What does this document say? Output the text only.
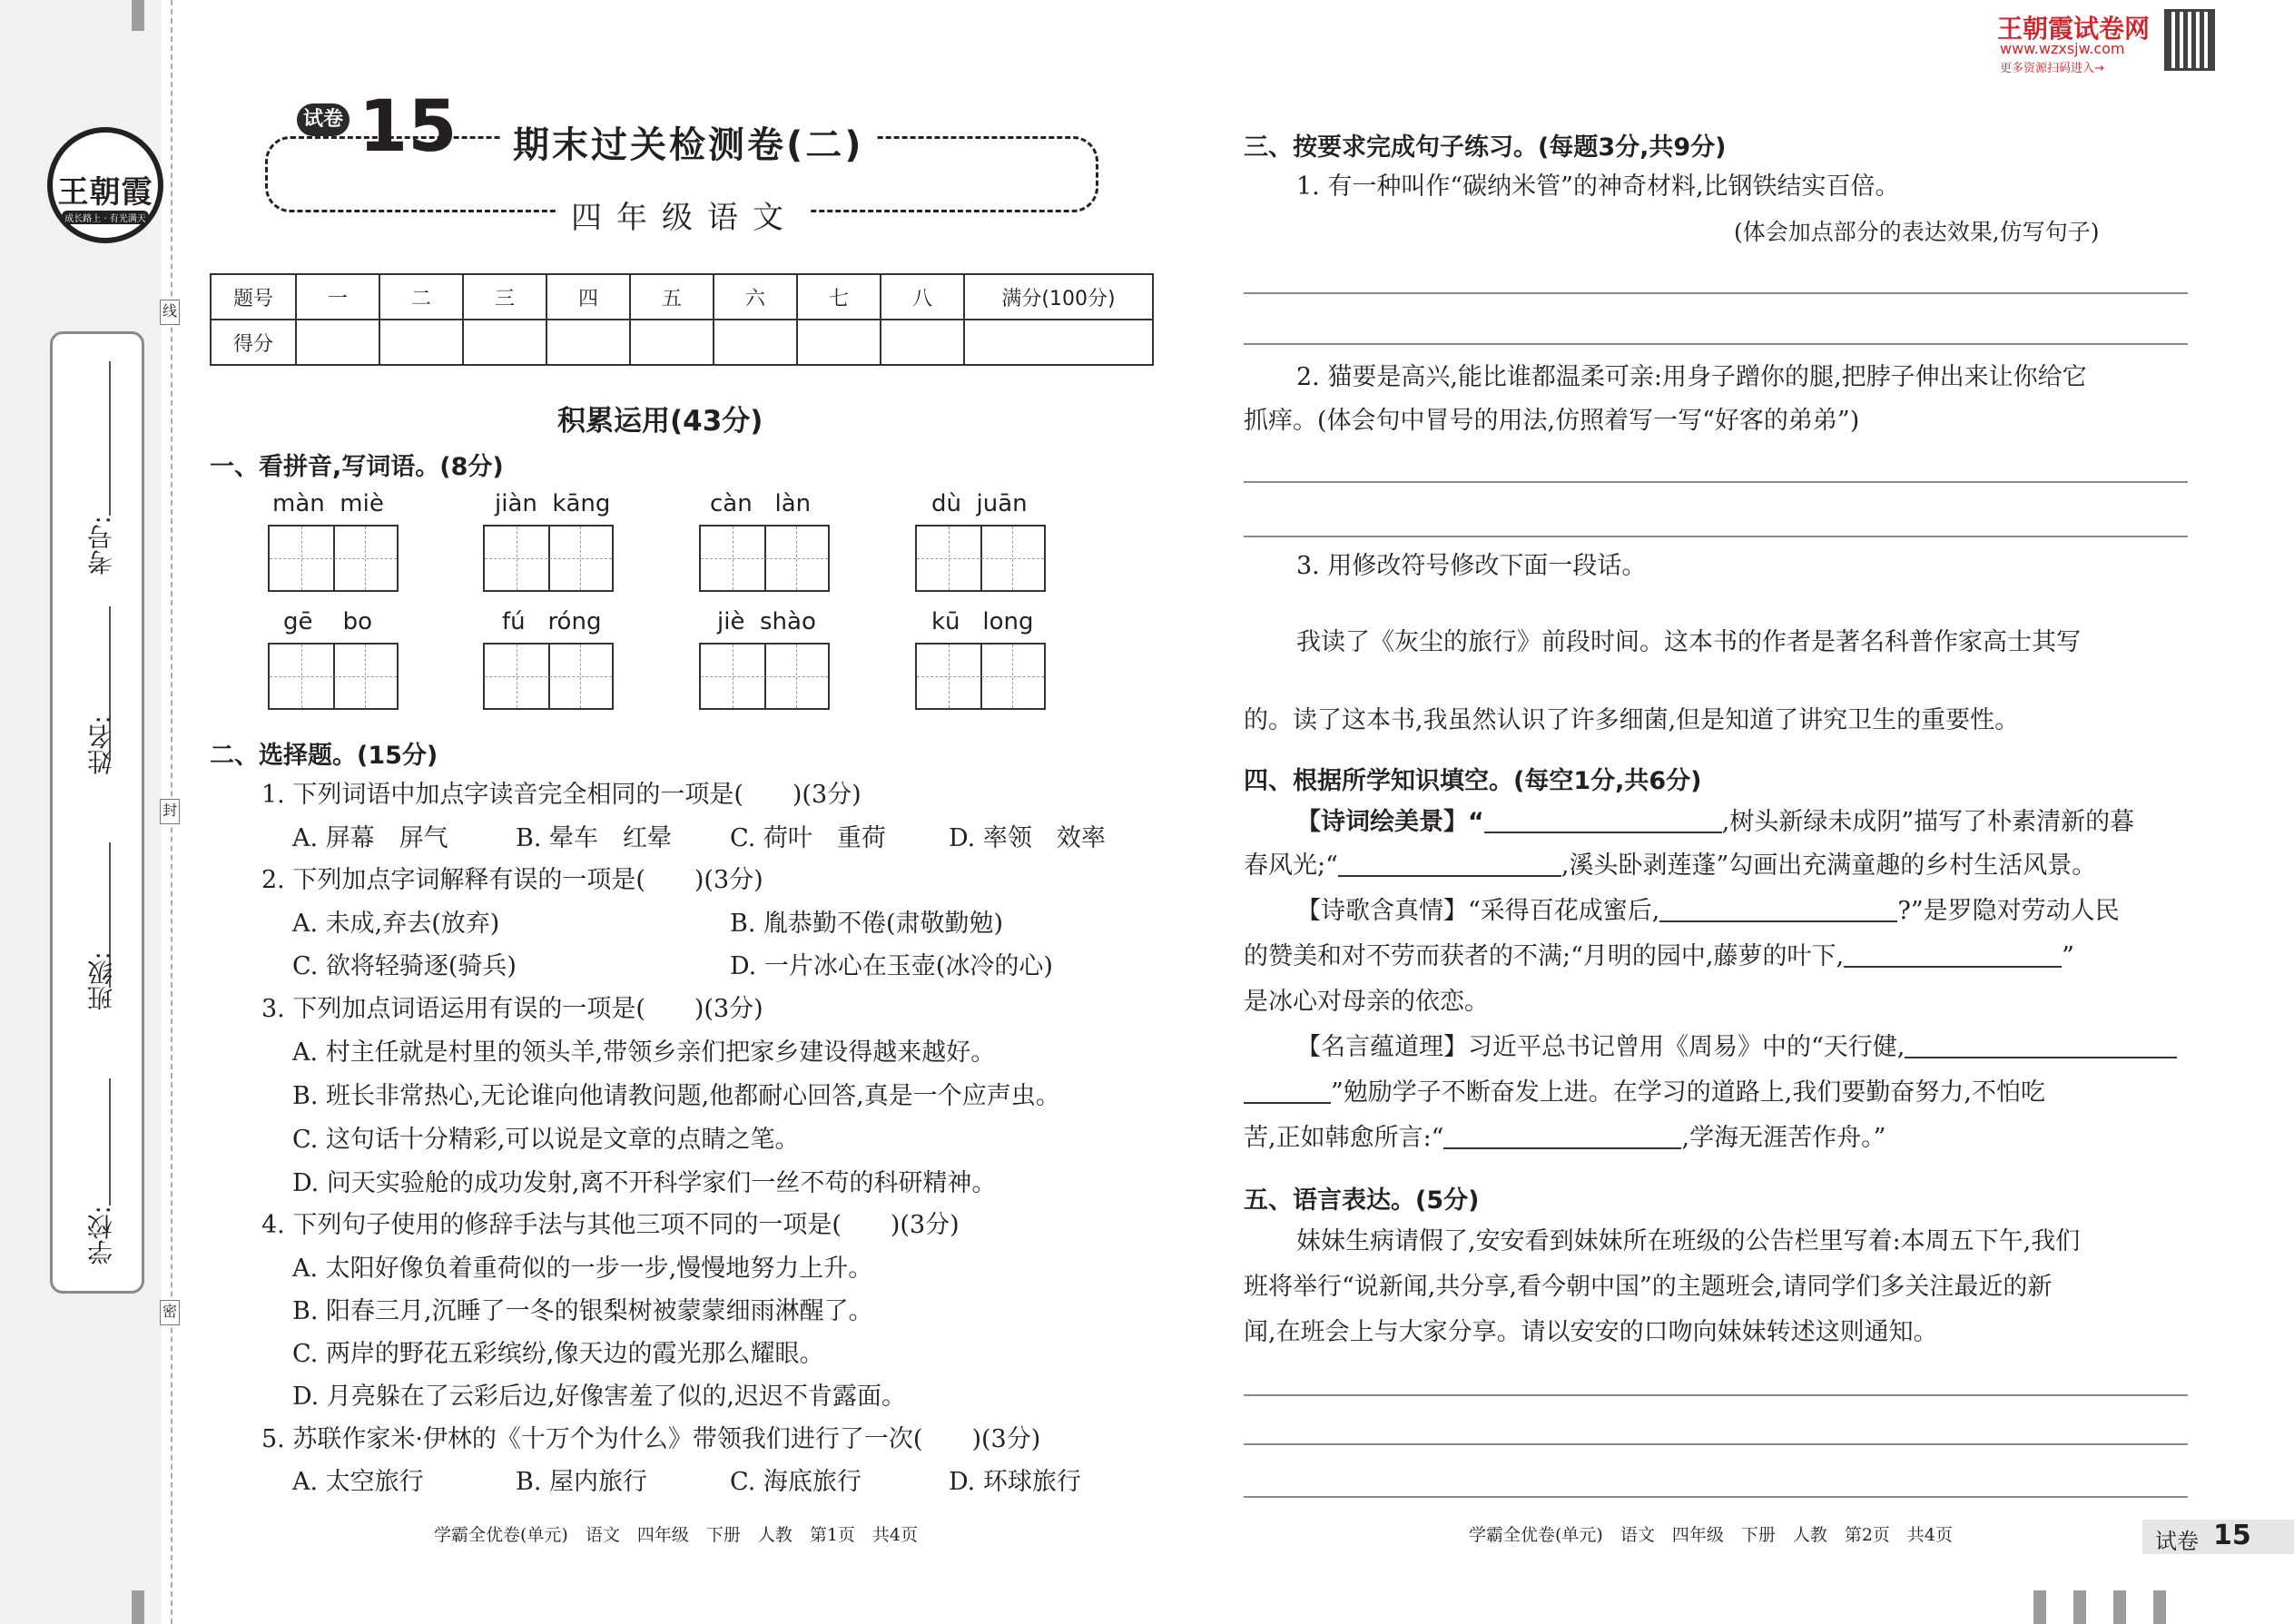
考号:
姓名:
班级:
学校:
线
封
密
王朝霞
成长路上 · 有光满天
王朝霞试卷网
www.wzxsjw.com
更多资源扫码进入→
试卷 15	期末过关检测卷(二)
四年级语文
题号	一	二	三	四	五	六	七	八	满分(100分)
得分									
积累运用(43分)
一、看拼音,写词语。(8分)
màn miè	jiàn kāng	càn làn	dù juān
gē bo	fú róng	jiè shào	kū long
二、选择题。(15分)
1. 下列词语中加点字读音完全相同的一项是(　　)(3分)
A. 屏幕　屏气	B. 晕车　红晕 C. 荷叶　重荷	D. 率领　效率
2. 下列加点字词解释有误的一项是(　　)(3分)
A. 未成,弃去(放弃)	B. 胤恭勤不倦(肃敬勤勉)
C. 欲将轻骑逐(骑兵)	D. 一片冰心在玉壶(冰冷的心)
3. 下列加点词语运用有误的一项是(　　)(3分)
A. 村主任就是村里的领头羊,带领乡亲们把家乡建设得越来越好。
B. 班长非常热心,无论谁向他请教问题,他都耐心回答,真是一个应声虫。
C. 这句话十分精彩,可以说是文章的点睛之笔。
D. 问天实验舱的成功发射,离不开科学家们一丝不苟的科研精神。
4. 下列句子使用的修辞手法与其他三项不同的一项是(　　)(3分)
A. 太阳好像负着重荷似的一步一步,慢慢地努力上升。
B. 阳春三月,沉睡了一冬的银梨树被蒙蒙细雨淋醒了。
C. 两岸的野花五彩缤纷,像天边的霞光那么耀眼。
D. 月亮躲在了云彩后边,好像害羞了似的,迟迟不肯露面。
5. 苏联作家米·伊林的《十万个为什么》带领我们进行了一次(　　)(3分)
A. 太空旅行	B. 屋内旅行	C. 海底旅行	D. 环球旅行
学霸全优卷(单元)　语文　四年级　下册　人教　第1页　共4页
三、按要求完成句子练习。(每题3分,共9分)
1. 有一种叫作“碳纳米管”的神奇材料,比钢铁结实百倍。
(体会加点部分的表达效果,仿写句子)
2. 猫要是高兴,能比谁都温柔可亲:用身子蹭你的腿,把脖子伸出来让你给它
抓痒。(体会句中冒号的用法,仿照着写一写“好客的弟弟”)
3. 用修改符号修改下面一段话。
我读了《灰尘的旅行》前段时间。这本书的作者是著名科普作家高士其写
的。读了这本书,我虽然认识了许多细菌,但是知道了讲究卫生的重要性。
四、根据所学知识填空。(每空1分,共6分)
【诗词绘美景】“	,树头新绿未成阴”描写了朴素清新的暮
春风光;“	,溪头卧剥莲蓬”勾画出充满童趣的乡村生活风景。
【诗歌含真情】“采得百花成蜜后,	?”是罗隐对劳动人民
的赞美和对不劳而获者的不满;“月明的园中,藤萝的叶下,	”
是冰心对母亲的依恋。
【名言蕴道理】习近平总书记曾用《周易》中的“天行健,
”勉励学子不断奋发上进。在学习的道路上,我们要勤奋努力,不怕吃
苦,正如韩愈所言:“	,学海无涯苦作舟。”
五、语言表达。(5分)
妹妹生病请假了,安安看到妹妹所在班级的公告栏里写着:本周五下午,我们
班将举行“说新闻,共分享,看今朝中国”的主题班会,请同学们多关注最近的新
闻,在班会上与大家分享。请以安安的口吻向妹妹转述这则通知。
学霸全优卷(单元)　语文　四年级　下册　人教　第2页　共4页	试卷 15
